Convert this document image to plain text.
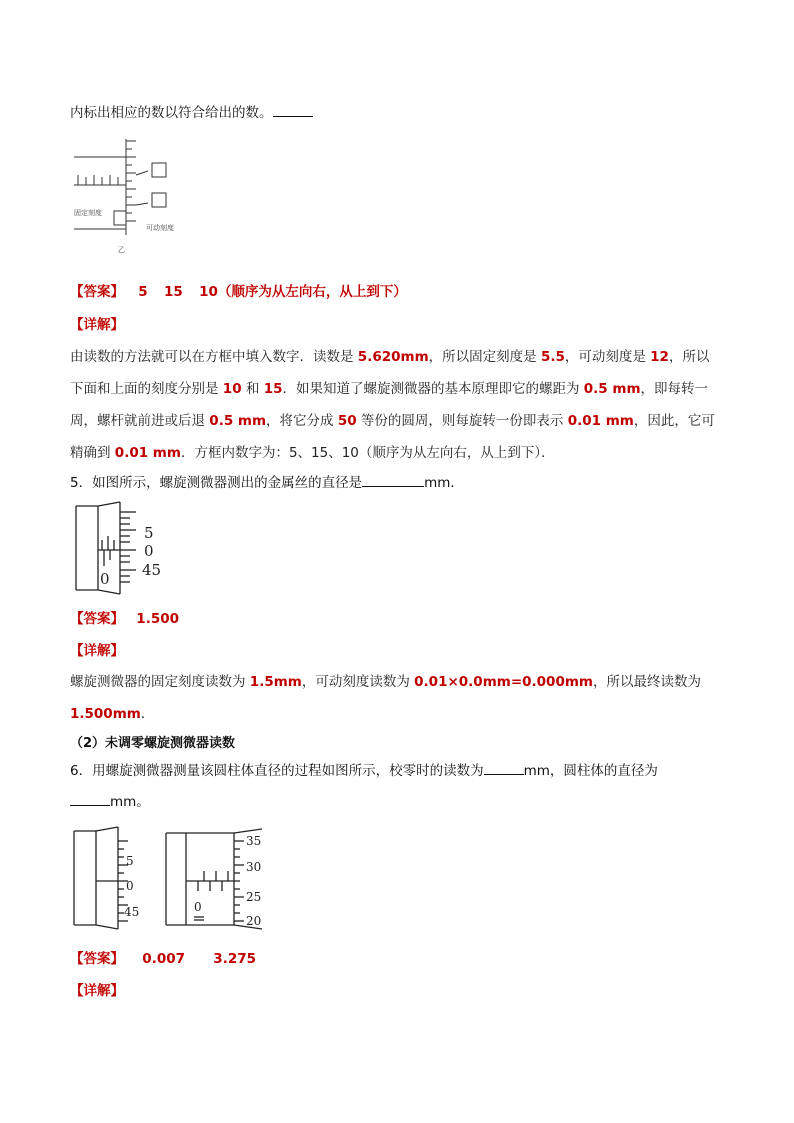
内标出相应的数以符合给出的数。
固定刻度
可动刻度
乙
【答案】 5 15 10（顺序为从左向右，从上到下）
【详解】
由读数的方法就可以在方框中填入数字．读数是 5.620mm，所以固定刻度是 5.5，可动刻度是 12，所以下面和上面的刻度分别是 10 和 15．如果知道了螺旋测微器的基本原理即它的螺距为 0.5 mm，即每转一周，螺杆就前进或后退 0.5 mm，将它分成 50 等份的圆周，则每旋转一份即表示 0.01 mm，因此，它可精确到 0.01 mm．方框内数字为：5、15、10（顺序为从左向右，从上到下）．
5．如图所示，螺旋测微器测出的金属丝的直径是	mm．
5
0
45
0
【答案】 1.500
【详解】
螺旋测微器的固定刻度读数为 1.5mm，可动刻度读数为 0.01×0.0mm=0.000mm，所以最终读数为 1.500mm．
（2）未调零螺旋测微器读数
6．用螺旋测微器测量该圆柱体直径的过程如图所示，校零时的读数为	mm，圆柱体的直径为
mm。
5
0
45
35
30
25
20
0
【答案】 0.007 3.275
【详解】
